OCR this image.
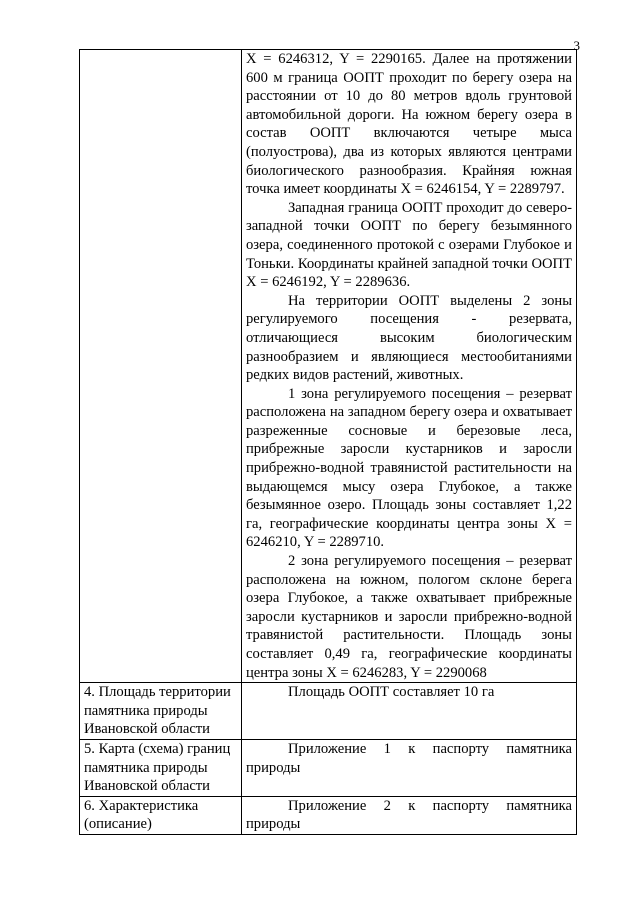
3

	X = 6246312, Y = 2290165. Далее на протяжении 600 м граница ООПТ проходит по берегу озера на расстоянии от 10 до 80 метров вдоль грунтовой автомобильной дороги. На южном берегу озера в состав ООПТ включаются четыре мыса (полуострова), два из которых являются центрами биологического разнообразия. Крайняя южная точка имеет координаты X = 6246154, Y = 2289797.

Западная граница ООПТ проходит до северо-западной точки ООПТ по берегу безымянного озера, соединенного протокой с озерами Глубокое и Тоньки. Координаты крайней западной точки ООПТ X = 6246192, Y = 2289636.

На территории ООПТ выделены 2 зоны регулируемого посещения - резервата, отличающиеся высоким биологическим разнообразием и являющиеся местообитаниями редких видов растений, животных.

1 зона регулируемого посещения – резерват расположена на западном берегу озера и охватывает разреженные сосновые и березовые леса, прибрежные заросли кустарников и заросли прибрежно-водной травянистой растительности на выдающемся мысу озера Глубокое, а также безымянное озеро. Площадь зоны составляет 1,22 га, географические координаты центра зоны X = 6246210, Y = 2289710.

2 зона регулируемого посещения – резерват расположена на южном, пологом склоне берега озера Глубокое, а также охватывает прибрежные заросли кустарников и заросли прибрежно-водной травянистой растительности. Площадь зоны составляет 0,49 га, географические координаты центра зоны X = 6246283, Y = 2290068

4. Площадь территории памятника природы Ивановской области	Площадь ООПТ составляет 10 га

5. Карта (схема) границ памятника природы Ивановской области	Приложение 1 к паспорту памятника природы

6. Характеристика (описание)	Приложение 2 к паспорту памятника природы
